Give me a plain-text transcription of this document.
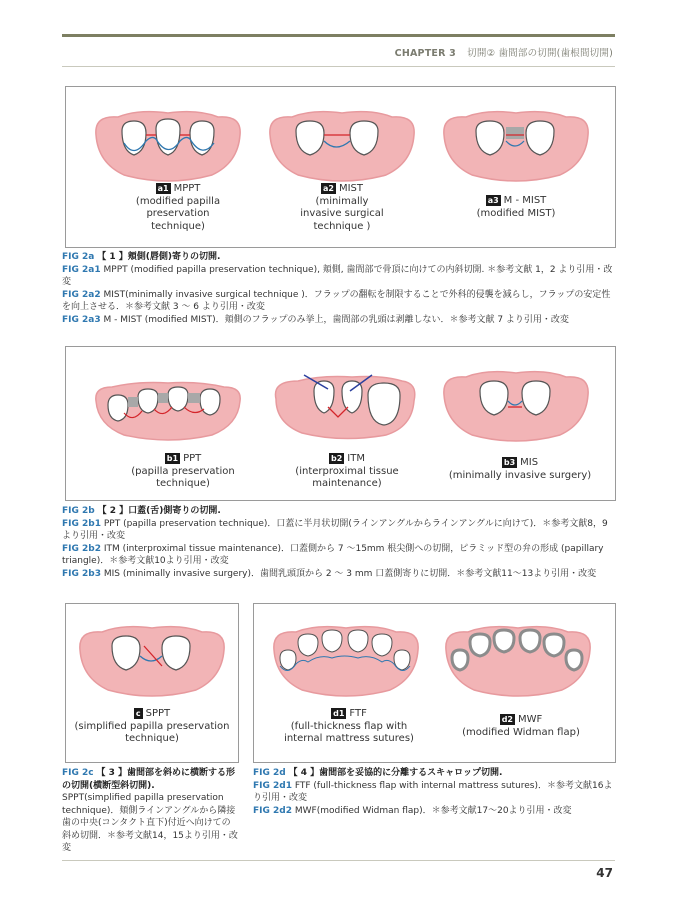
CHAPTER 3 切開② 歯間部の切開(歯根間切開)
a1 MPPT
(modified papilla
preservation
technique)
a2 MIST
(minimally
invasive surgical
technique )
a3 M - MIST
(modified MIST)

FIG 2a 【 1 】頬側(唇側)寄りの切開.

FIG 2a1 MPPT (modified papilla preservation technique), 頬側, 歯間部で骨頂に向けての内斜切開. ＊参考文献 1，2 より引用・改変

FIG 2a2 MIST(minimally invasive surgical technique )．フラップの翻転を制限することで外科的侵襲を減らし，フラップの安定性を向上させる．＊参考文献 3 〜 6 より引用・改変

FIG 2a3 M - MIST (modified MIST)．頬側のフラップのみ挙上，歯間部の乳頭は剥離しない．＊参考文献 7 より引用・改変

b1 PPT
(papilla preservation
technique)
b2 ITM
(interproximal tissue
maintenance)
b3 MIS
(minimally invasive surgery)

FIG 2b 【 2 】口蓋(舌)側寄りの切開.

FIG 2b1 PPT (papilla preservation technique)．口蓋に半月状切開(ラインアングルからラインアングルに向けて)．＊参考文献8，9 より引用・改変

FIG 2b2 ITM (interproximal tissue maintenance)．口蓋側から 7 〜15mm 根尖側への切開，ピラミッド型の弁の形成 (papillary triangle)．＊参考文献10より引用・改変

FIG 2b3 MIS (minimally invasive surgery)．歯間乳頭頂から 2 〜 3 mm 口蓋側寄りに切開．＊参考文献11〜13より引用・改変

c SPPT
(simplified papilla preservation
technique)
d1 FTF
(full-thickness flap with
internal mattress sutures)
d2 MWF
(modified Widman flap)

FIG 2c 【 3 】歯間部を斜めに横断する形の切開(横断型斜切開).

SPPT(simplified papilla preservation technique)．頬側ラインアングルから隣接歯の中央(コンタクト直下)付近へ向けての斜め切開．＊参考文献14，15より引用・改変

FIG 2d 【 4 】歯間部を妥協的に分離するスキャロップ切開.

FIG 2d1 FTF (full-thickness flap with internal mattress sutures)．＊参考文献16より引用・改変

FIG 2d2 MWF(modified Widman flap)．＊参考文献17〜20より引用・改変

47
